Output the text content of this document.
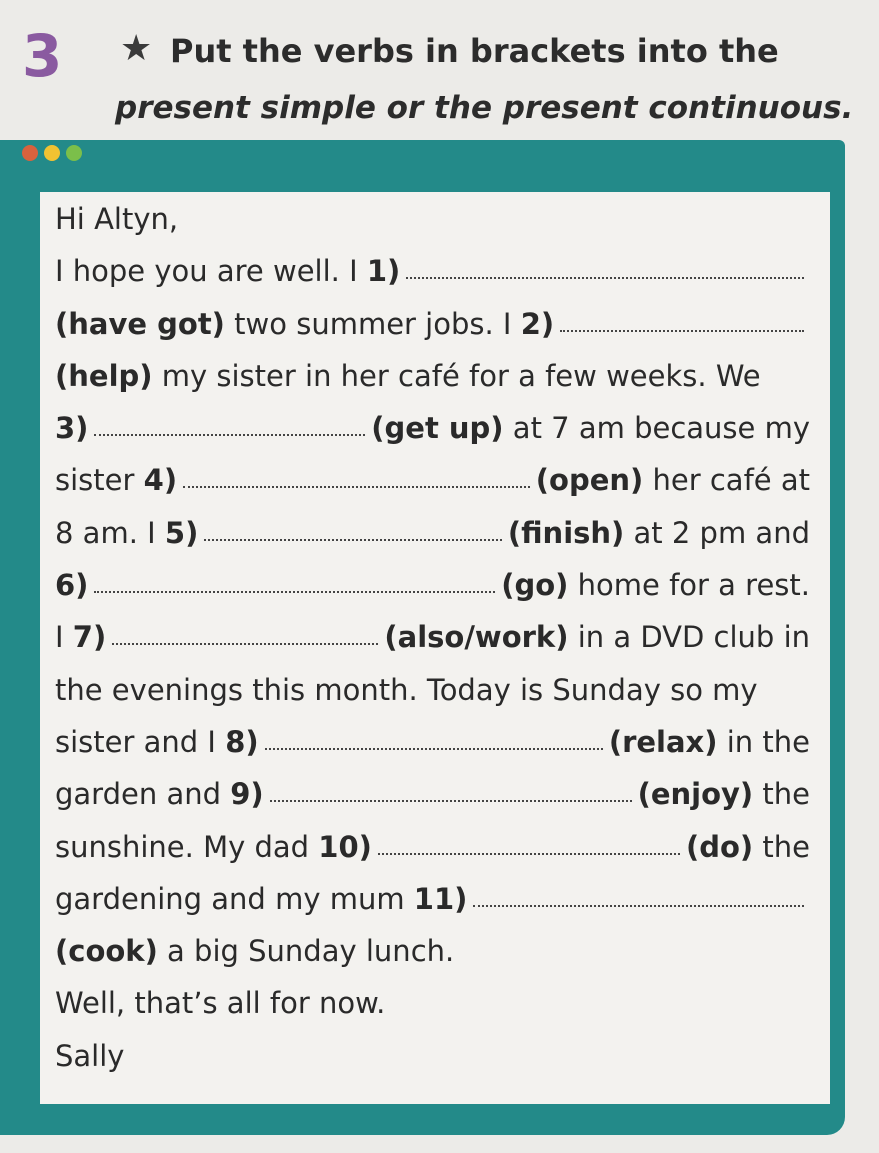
3 ★ Put the verbs in brackets into the
present simple or the present continuous.
Hi Altyn,
I hope you are well. I 1)
(have got) two summer jobs. I 2)
(help) my sister in her café for a few weeks. We
3)	(get up) at 7 am because my
sister 4)	(open) her café at
8 am. I 5)	(finish) at 2 pm and
6)	(go) home for a rest.
I 7)	(also/work) in a DVD club in
the evenings this month. Today is Sunday so my
sister and I 8)	(relax) in the
garden and 9)	(enjoy) the
sunshine. My dad 10)	(do) the
gardening and my mum 11)
(cook) a big Sunday lunch.
Well, that’s all for now.
Sally
